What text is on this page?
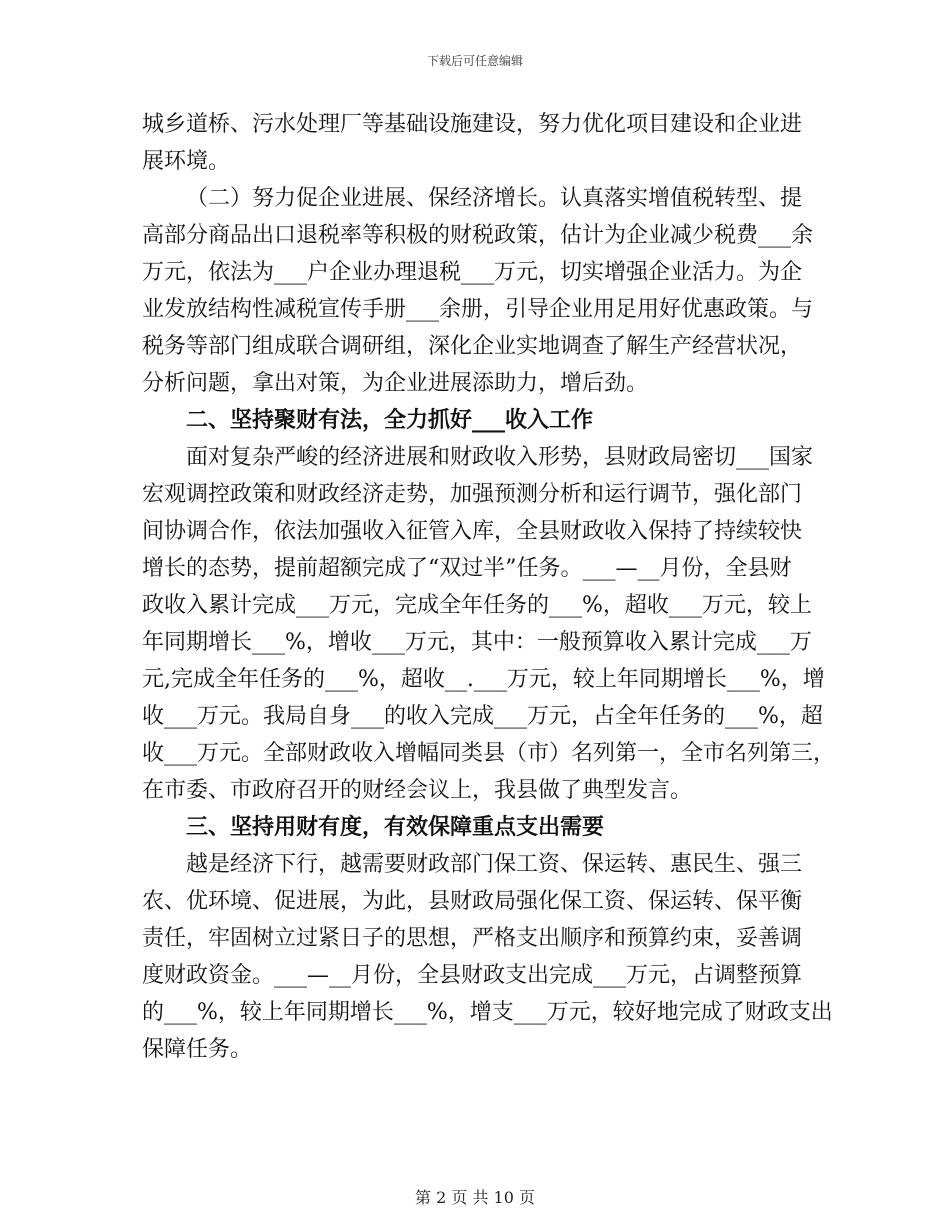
下载后可任意编辑
城乡道桥、污水处理厂等基础设施建设，努力优化项目建设和企业进
展环境。
（二）努力促企业进展、保经济增长。认真落实增值税转型、提
高部分商品出口退税率等积极的财税政策，估计为企业减少税费___余
万元，依法为___户企业办理退税___万元，切实增强企业活力。为企
业发放结构性减税宣传手册___余册，引导企业用足用好优惠政策。与
税务等部门组成联合调研组，深化企业实地调查了解生产经营状况，
分析问题，拿出对策，为企业进展添助力，增后劲。
二、坚持聚财有法，全力抓好___收入工作
面对复杂严峻的经济进展和财政收入形势，县财政局密切___国家
宏观调控政策和财政经济走势，加强预测分析和运行调节，强化部门
间协调合作，依法加强收入征管入库，全县财政收入保持了持续较快
增长的态势，提前超额完成了“双过半”任务。___—__月份，全县财
政收入累计完成___万元，完成全年任务的___%，超收___万元，较上
年同期增长___%，增收___万元，其中：一般预算收入累计完成___万
元,完成全年任务的___%，超收__.___万元，较上年同期增长___%，增
收___万元。我局自身___的收入完成___万元，占全年任务的___%，超
收___万元。全部财政收入增幅同类县（市）名列第一，全市名列第三，
在市委、市政府召开的财经会议上，我县做了典型发言。
三、坚持用财有度，有效保障重点支出需要
越是经济下行，越需要财政部门保工资、保运转、惠民生、强三
农、优环境、促进展，为此，县财政局强化保工资、保运转、保平衡
责任，牢固树立过紧日子的思想，严格支出顺序和预算约束，妥善调
度财政资金。___—__月份，全县财政支出完成___万元，占调整预算
的___%，较上年同期增长___%，增支___万元，较好地完成了财政支出
保障任务。
第 2 页 共 10 页
